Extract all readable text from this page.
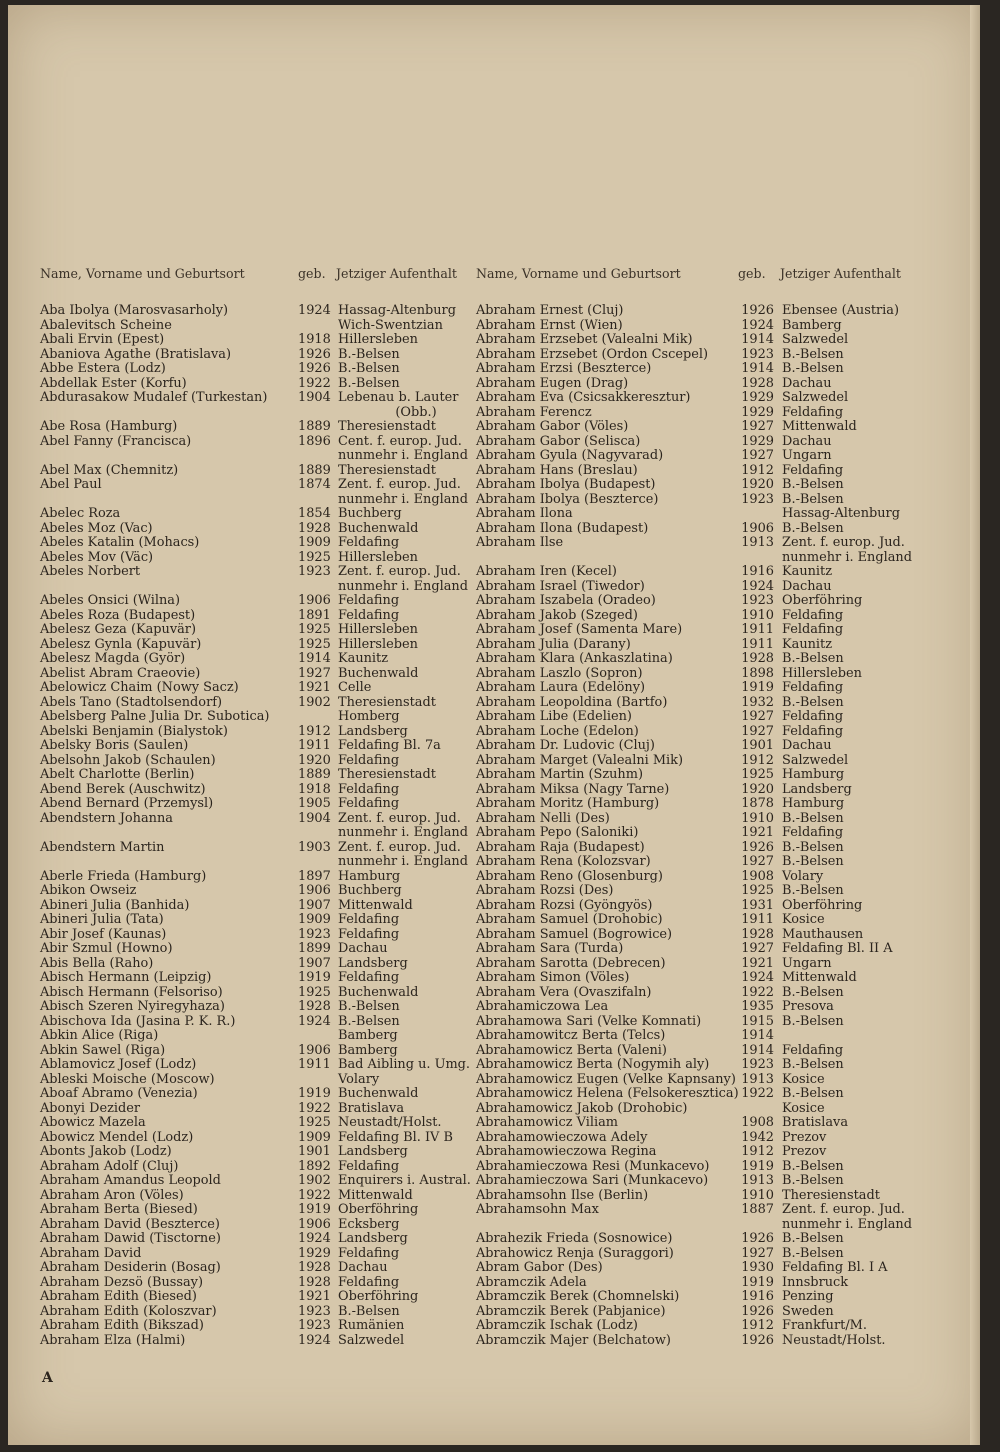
Name, Vorname und Geburtsort	geb. Jetziger Aufenthalt
Aba Ibolya (Marosvasarholy)	1924 Hassag-Altenburg
Abalevitsch Scheine	Wich-Swentzian
Abali Ervin (Epest)	1918 Hillersleben
Abaniova Agathe (Bratislava)	1926 B.-Belsen
Abbe Estera (Lodz)	1926 B.-Belsen
Abdellak Ester (Korfu)	1922 B.-Belsen
Abdurasakow Mudalef (Turkestan)	1904 Lebenau b. Lauter
(Obb.)
Abe Rosa (Hamburg)	1889 Theresienstadt
Abel Fanny (Francisca)	1896 Cent. f. europ. Jud.
nunmehr i. England
Abel Max (Chemnitz)	1889 Theresienstadt
Abel Paul	1874 Zent. f. europ. Jud.
nunmehr i. England
Abelec Roza	1854 Buchberg
Abeles Moz (Vac)	1928 Buchenwald
Abeles Katalin (Mohacs)	1909 Feldafing
Abeles Mov (Väc)	1925 Hillersleben
Abeles Norbert	1923 Zent. f. europ. Jud.
nunmehr i. England
Abeles Onsici (Wilna)	1906 Feldafing
Abeles Roza (Budapest)	1891 Feldafing
Abelesz Geza (Kapuvär)	1925 Hillersleben
Abelesz Gynla (Kapuvär)	1925 Hillersleben
Abelesz Magda (Györ)	1914 Kaunitz
Abelist Abram Craeovie)	1927 Buchenwald
Abelowicz Chaim (Nowy Sacz)	1921 Celle
Abels Tano (Stadtolsendorf)	1902 Theresienstadt
Abelsberg Palne Julia Dr. Subotica)	Homberg
Abelski Benjamin (Bialystok)	1912 Landsberg
Abelsky Boris (Saulen)	1911 Feldafing Bl. 7a
Abelsohn Jakob (Schaulen)	1920 Feldafing
Abelt Charlotte (Berlin)	1889 Theresienstadt
Abend Berek (Auschwitz)	1918 Feldafing
Abend Bernard (Przemysl)	1905 Feldafing
Abendstern Johanna	1904 Zent. f. europ. Jud.
nunmehr i. England
Abendstern Martin	1903 Zent. f. europ. Jud.
nunmehr i. England
Aberle Frieda (Hamburg)	1897 Hamburg
Abikon Owseiz	1906 Buchberg
Abineri Julia (Banhida)	1907 Mittenwald
Abineri Julia (Tata)	1909 Feldafing
Abir Josef (Kaunas)	1923 Feldafing
Abir Szmul (Howno)	1899 Dachau
Abis Bella (Raho)	1907 Landsberg
Abisch Hermann (Leipzig)	1919 Feldafing
Abisch Hermann (Felsoriso)	1925 Buchenwald
Abisch Szeren Nyiregyhaza)	1928 B.-Belsen
Abischova Ida (Jasina P. K. R.)	1924 B.-Belsen
Abkin Alice (Riga)	Bamberg
Abkin Sawel (Riga)	1906 Bamberg
Ablamovicz Josef (Lodz)	1911 Bad Aibling u. Umg.
Ableski Moische (Moscow)	Volary
Aboaf Abramo (Venezia)	1919 Buchenwald
Abonyi Dezider	1922 Bratislava
Abowicz Mazela	1925 Neustadt/Holst.
Abowicz Mendel (Lodz)	1909 Feldafing Bl. IV B
Abonts Jakob (Lodz)	1901 Landsberg
Abraham Adolf (Cluj)	1892 Feldafing
Abraham Amandus Leopold	1902 Enquirers i. Austral.
Abraham Aron (Völes)	1922 Mittenwald
Abraham Berta (Biesed)	1919 Oberföhring
Abraham David (Beszterce)	1906 Ecksberg
Abraham Dawid (Tisctorne)	1924 Landsberg
Abraham David	1929 Feldafing
Abraham Desiderin (Bosag)	1928 Dachau
Abraham Dezsö (Bussay)	1928 Feldafing
Abraham Edith (Biesed)	1921 Oberföhring
Abraham Edith (Koloszvar)	1923 B.-Belsen
Abraham Edith (Bikszad)	1923 Rumänien
Abraham Elza (Halmi)	1924 Salzwedel
Name, Vorname und Geburtsort	geb.	Jetziger Aufenthalt
Abraham Ernest (Cluj)	1926 Ebensee (Austria)
Abraham Ernst (Wien)	1924 Bamberg
Abraham Erzsebet (Valealni Mik)	1914 Salzwedel
Abraham Erzsebet (Ordon Cscepel)	1923 B.-Belsen
Abraham Erzsi (Beszterce)	1914 B.-Belsen
Abraham Eugen (Drag)	1928 Dachau
Abraham Eva (Csicsakkeresztur)	1929 Salzwedel
Abraham Ferencz	1929 Feldafing
Abraham Gabor (Völes)	1927 Mittenwald
Abraham Gabor (Selisca)	1929 Dachau
Abraham Gyula (Nagyvarad)	1927 Ungarn
Abraham Hans (Breslau)	1912 Feldafing
Abraham Ibolya (Budapest)	1920 B.-Belsen
Abraham Ibolya (Beszterce)	1923 B.-Belsen
Abraham Ilona	Hassag-Altenburg
Abraham Ilona (Budapest)	1906 B.-Belsen
Abraham Ilse	1913 Zent. f. europ. Jud.
nunmehr i. England
Abraham Iren (Kecel)	1916 Kaunitz
Abraham Israel (Tiwedor)	1924 Dachau
Abraham Iszabela (Oradeo)	1923 Oberföhring
Abraham Jakob (Szeged)	1910 Feldafing
Abraham Josef (Samenta Mare)	1911 Feldafing
Abraham Julia (Darany)	1911 Kaunitz
Abraham Klara (Ankaszlatina)	1928 B.-Belsen
Abraham Laszlo (Sopron)	1898 Hillersleben
Abraham Laura (Edelöny)	1919 Feldafing
Abraham Leopoldina (Bartfo)	1932 B.-Belsen
Abraham Libe (Edelien)	1927 Feldafing
Abraham Loche (Edelon)	1927 Feldafing
Abraham Dr. Ludovic (Cluj)	1901 Dachau
Abraham Marget (Valealni Mik)	1912 Salzwedel
Abraham Martin (Szuhm)	1925 Hamburg
Abraham Miksa (Nagy Tarne)	1920 Landsberg
Abraham Moritz (Hamburg)	1878 Hamburg
Abraham Nelli (Des)	1910 B.-Belsen
Abraham Pepo (Saloniki)	1921 Feldafing
Abraham Raja (Budapest)	1926 B.-Belsen
Abraham Rena (Kolozsvar)	1927 B.-Belsen
Abraham Reno (Glosenburg)	1908 Volary
Abraham Rozsi (Des)	1925 B.-Belsen
Abraham Rozsi (Gyöngyös)	1931 Oberföhring
Abraham Samuel (Drohobic)	1911 Kosice
Abraham Samuel (Bogrowice)	1928 Mauthausen
Abraham Sara (Turda)	1927 Feldafing Bl. II A
Abraham Sarotta (Debrecen)	1921 Ungarn
Abraham Simon (Völes)	1924 Mittenwald
Abraham Vera (Ovaszifaln)	1922 B.-Belsen
Abrahamiczowa Lea	1935 Presova
Abrahamowa Sari (Velke Komnati)	1915 B.-Belsen
Abrahamowitcz Berta (Telcs)	1914
Abrahamowicz Berta (Valeni)	1914 Feldafing
Abrahamowicz Berta (Nogymih aly)	1923 B.-Belsen
Abrahamowicz Eugen (Velke Kapnsany) 1913 Kosice
Abrahamowicz Helena (Felsokeresztica) 1922 B.-Belsen
Abrahamowicz Jakob (Drohobic)	Kosice
Abrahamowicz Viliam	1908 Bratislava
Abrahamowieczowa Adely	1942 Prezov
Abrahamowieczowa Regina	1912 Prezov
Abrahamieczowa Resi (Munkacevo)	1919 B.-Belsen
Abrahamieczowa Sari (Munkacevo)	1913 B.-Belsen
Abrahamsohn Ilse (Berlin)	1910 Theresienstadt
Abrahamsohn Max	1887 Zent. f. europ. Jud.
nunmehr i. England
Abrahezik Frieda (Sosnowice)	1926 B.-Belsen
Abrahowicz Renja (Suraggori)	1927 B.-Belsen
Abram Gabor (Des)	1930 Feldafing Bl. I A
Abramczik Adela	1919 Innsbruck
Abramczik Berek (Chomnelski)	1916 Penzing
Abramczik Berek (Pabjanice)	1926 Sweden
Abramczik Ischak (Lodz)	1912 Frankfurt/M.
Abramczik Majer (Belchatow)	1926 Neustadt/Holst.
A
